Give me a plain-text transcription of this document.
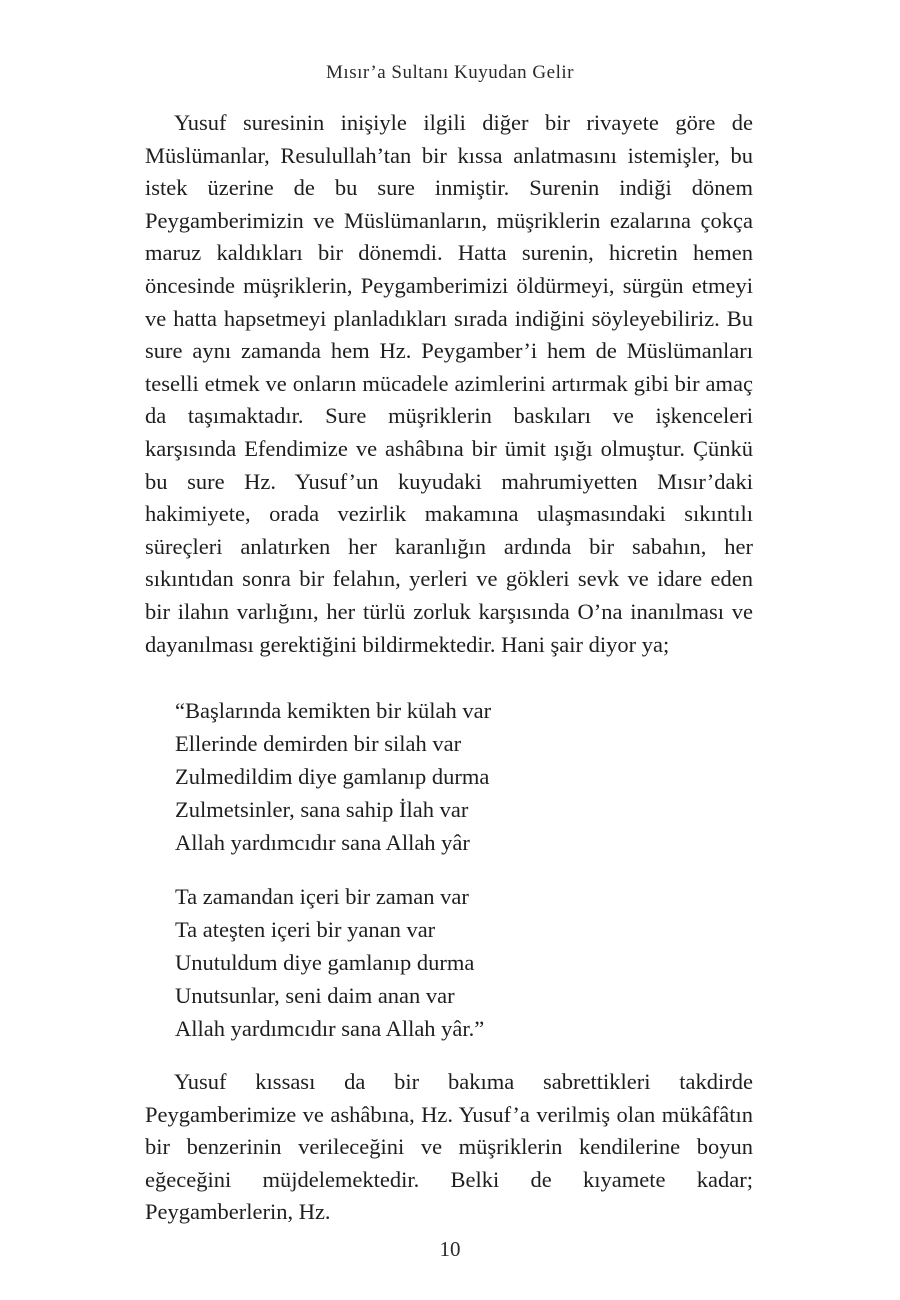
Mısır’a Sultanı Kuyudan Gelir

Yusuf suresinin inişiyle ilgili diğer bir rivayete göre de Müslümanlar, Resulullah’tan bir kıssa anlatmasını istemişler, bu istek üzerine de bu sure inmiştir. Surenin indiği dönem Peygamberimizin ve Müslümanların, müşriklerin ezalarına çokça maruz kaldıkları bir dönemdi. Hatta surenin, hicretin hemen öncesinde müşriklerin, Peygamberimizi öldürmeyi, sürgün etmeyi ve hatta hapsetmeyi planladıkları sırada indiğini söyleyebiliriz. Bu sure aynı zamanda hem Hz. Peygamber’i hem de Müslümanları teselli etmek ve onların mücadele azimlerini artırmak gibi bir amaç da taşımaktadır. Sure müşriklerin baskıları ve işkenceleri karşısında Efendimize ve ashâbına bir ümit ışığı olmuştur. Çünkü bu sure Hz. Yusuf’un kuyudaki mahrumiyetten Mısır’daki hakimiyete, orada vezirlik makamına ulaşmasındaki sıkıntılı süreçleri anlatırken her karanlığın ardında bir sabahın, her sıkıntıdan sonra bir felahın, yerleri ve gökleri sevk ve idare eden bir ilahın varlığını, her türlü zorluk karşısında O’na inanılması ve dayanılması gerektiğini bildirmektedir. Hani şair diyor ya;

“Başlarında kemikten bir külah var
Ellerinde demirden bir silah var
Zulmedildim diye gamlanıp durma
Zulmetsinler, sana sahip İlah var
Allah yardımcıdır sana Allah yâr
Ta zamandan içeri bir zaman var
Ta ateşten içeri bir yanan var
Unutuldum diye gamlanıp durma
Unutsunlar, seni daim anan var
Allah yardımcıdır sana Allah yâr.”

Yusuf kıssası da bir bakıma sabrettikleri takdirde Peygamberimize ve ashâbına, Hz. Yusuf’a verilmiş olan mükâfâtın bir benzerinin verileceğini ve müşriklerin kendilerine boyun eğeceğini müjdelemektedir. Belki de kıyamete kadar; Peygamberlerin, Hz.

10
